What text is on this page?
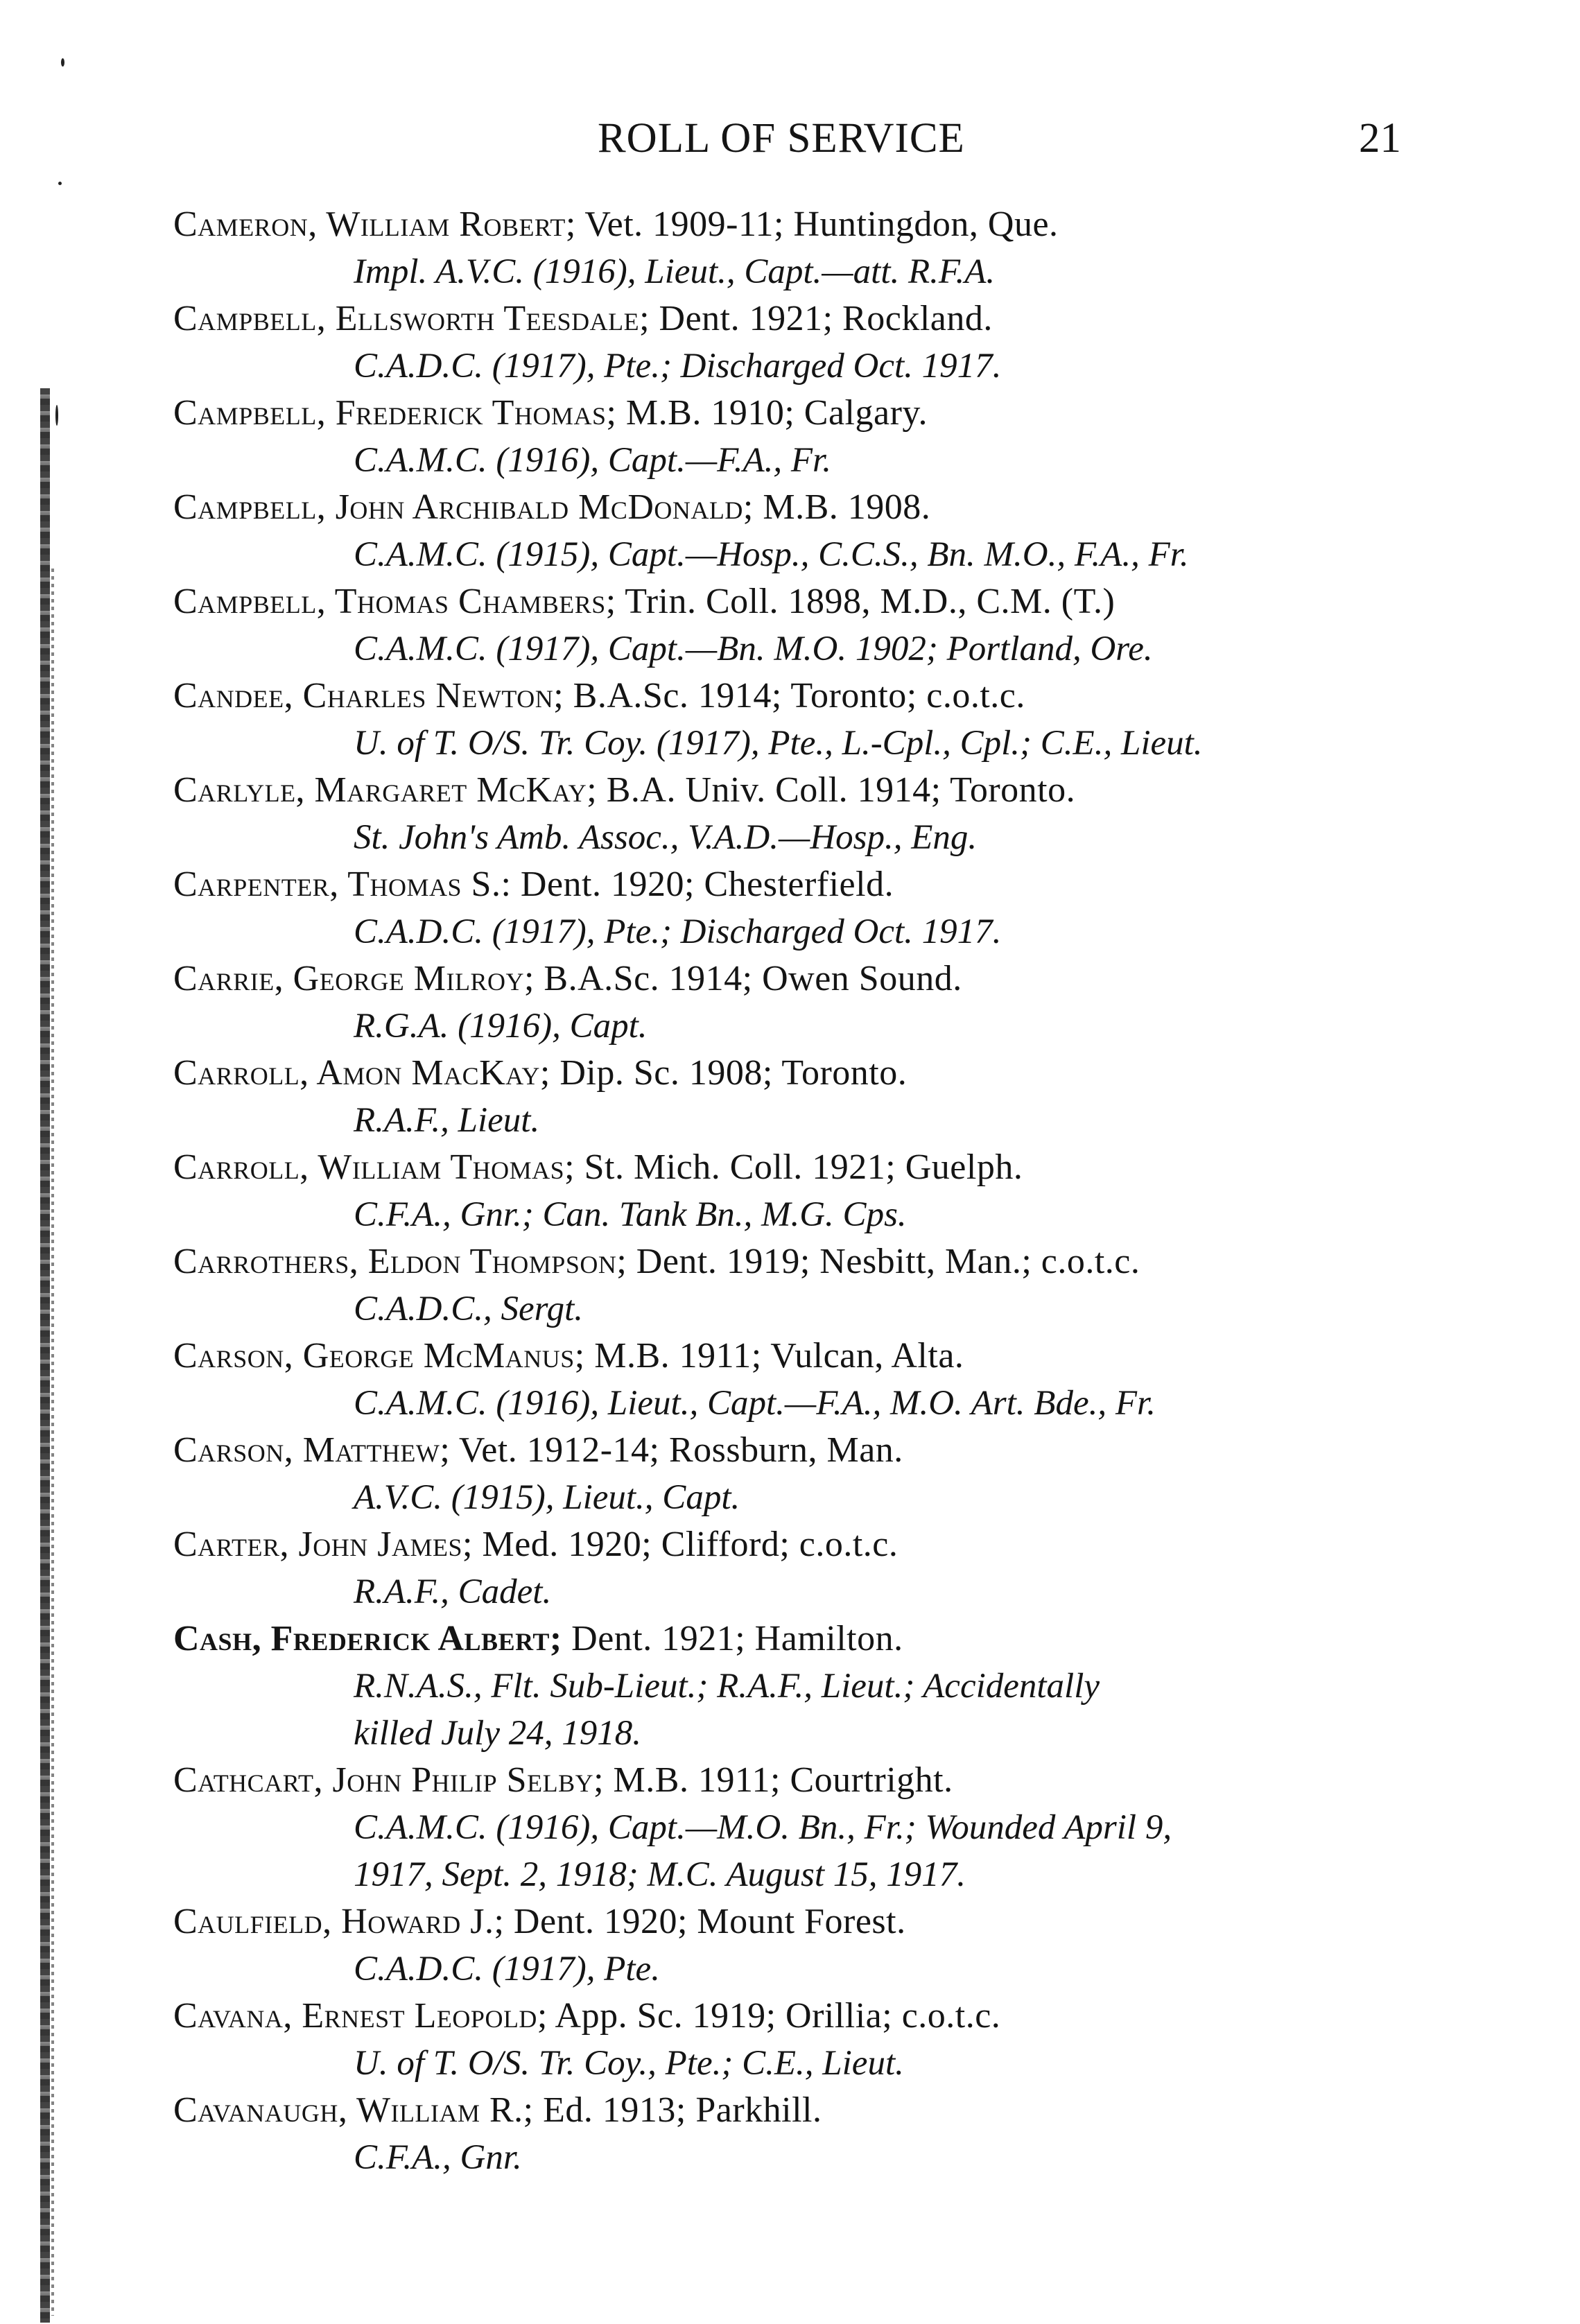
ROLL OF SERVICE	21
Cameron, William Robert; Vet. 1909-11; Huntingdon, Que.
Impl. A.V.C. (1916), Lieut., Capt.—att. R.F.A.
Campbell, Ellsworth Teesdale; Dent. 1921; Rockland.
C.A.D.C. (1917), Pte.; Discharged Oct. 1917.
Campbell, Frederick Thomas; M.B. 1910; Calgary.
C.A.M.C. (1916), Capt.—F.A., Fr.
Campbell, John Archibald McDonald; M.B. 1908.
C.A.M.C. (1915), Capt.—Hosp., C.C.S., Bn. M.O., F.A., Fr.
Campbell, Thomas Chambers; Trin. Coll. 1898, M.D., C.M. (T.)
C.A.M.C. (1917), Capt.—Bn. M.O. 1902; Portland, Ore.
Candee, Charles Newton; B.A.Sc. 1914; Toronto; c.o.t.c.
U. of T. O/S. Tr. Coy. (1917), Pte., L.-Cpl., Cpl.; C.E., Lieut.
Carlyle, Margaret McKay; B.A. Univ. Coll. 1914; Toronto.
St. John's Amb. Assoc., V.A.D.—Hosp., Eng.
Carpenter, Thomas S.: Dent. 1920; Chesterfield.
C.A.D.C. (1917), Pte.; Discharged Oct. 1917.
Carrie, George Milroy; B.A.Sc. 1914; Owen Sound.
R.G.A. (1916), Capt.
Carroll, Amon MacKay; Dip. Sc. 1908; Toronto.
R.A.F., Lieut.
Carroll, William Thomas; St. Mich. Coll. 1921; Guelph.
C.F.A., Gnr.; Can. Tank Bn., M.G. Cps.
Carrothers, Eldon Thompson; Dent. 1919; Nesbitt, Man.; c.o.t.c.
C.A.D.C., Sergt.
Carson, George McManus; M.B. 1911; Vulcan, Alta.
C.A.M.C. (1916), Lieut., Capt.—F.A., M.O. Art. Bde., Fr.
Carson, Matthew; Vet. 1912-14; Rossburn, Man.
A.V.C. (1915), Lieut., Capt.
Carter, John James; Med. 1920; Clifford; c.o.t.c.
R.A.F., Cadet.
Cash, Frederick Albert; Dent. 1921; Hamilton.
R.N.A.S., Flt. Sub-Lieut.; R.A.F., Lieut.; Accidentally
killed July 24, 1918.
Cathcart, John Philip Selby; M.B. 1911; Courtright.
C.A.M.C. (1916), Capt.—M.O. Bn., Fr.; Wounded April 9,
1917, Sept. 2, 1918; M.C. August 15, 1917.
Caulfield, Howard J.; Dent. 1920; Mount Forest.
C.A.D.C. (1917), Pte.
Cavana, Ernest Leopold; App. Sc. 1919; Orillia; c.o.t.c.
U. of T. O/S. Tr. Coy., Pte.; C.E., Lieut.
Cavanaugh, William R.; Ed. 1913; Parkhill.
C.F.A., Gnr.
